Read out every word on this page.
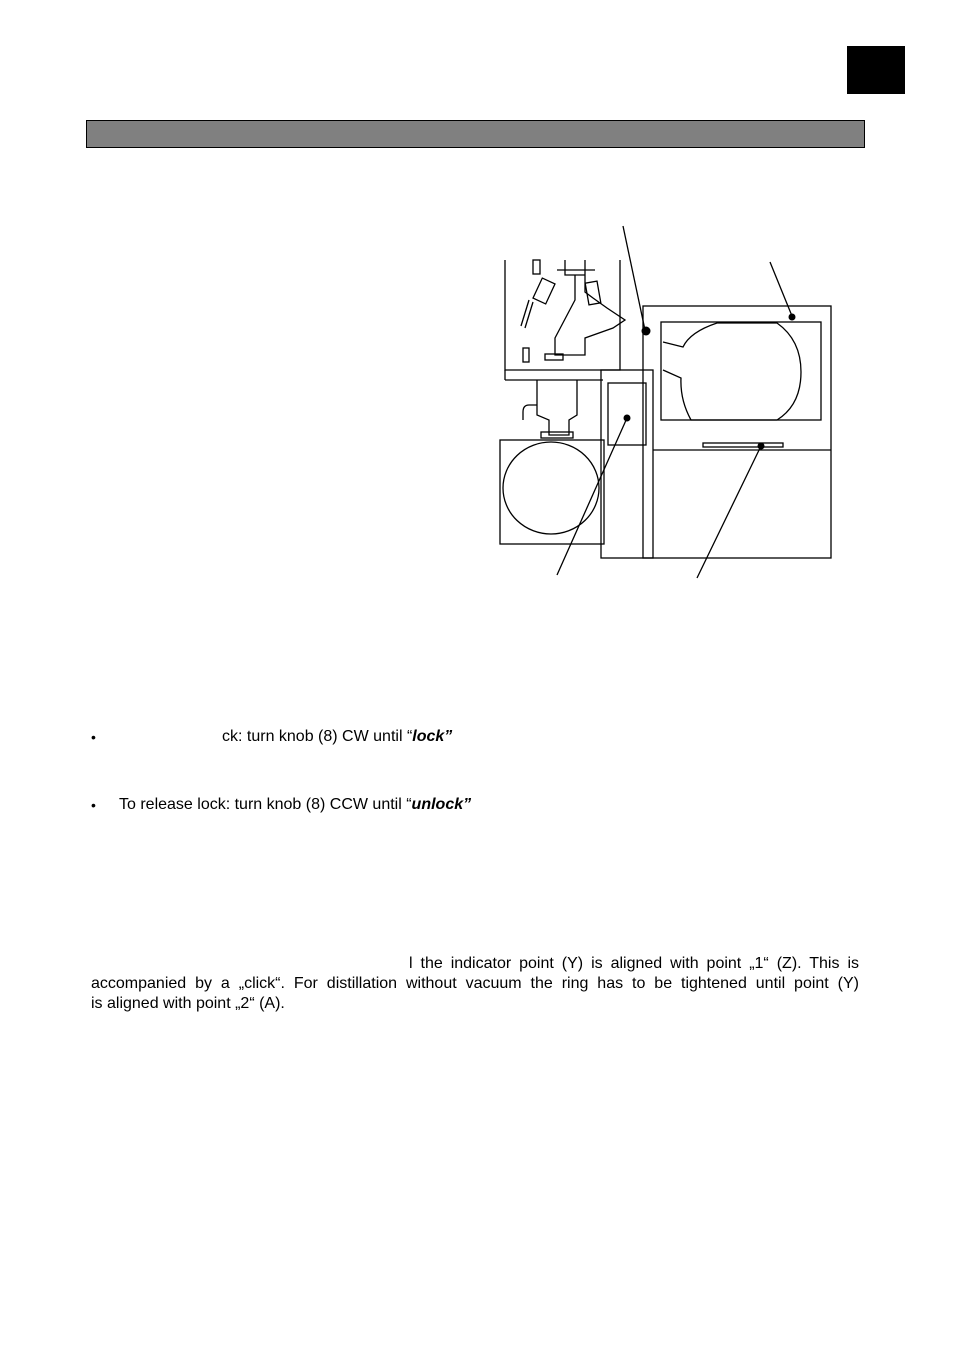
•	ck: turn knob (8) CW until “lock”
• To release lock: turn knob (8) CCW until “unlock”
l the indicator point (Y) is aligned with point „1“ (Z). This is
accompanied by a „click“. For distillation without vacuum the ring has to be tightened until point (Y)
is aligned with point „2“ (A).
